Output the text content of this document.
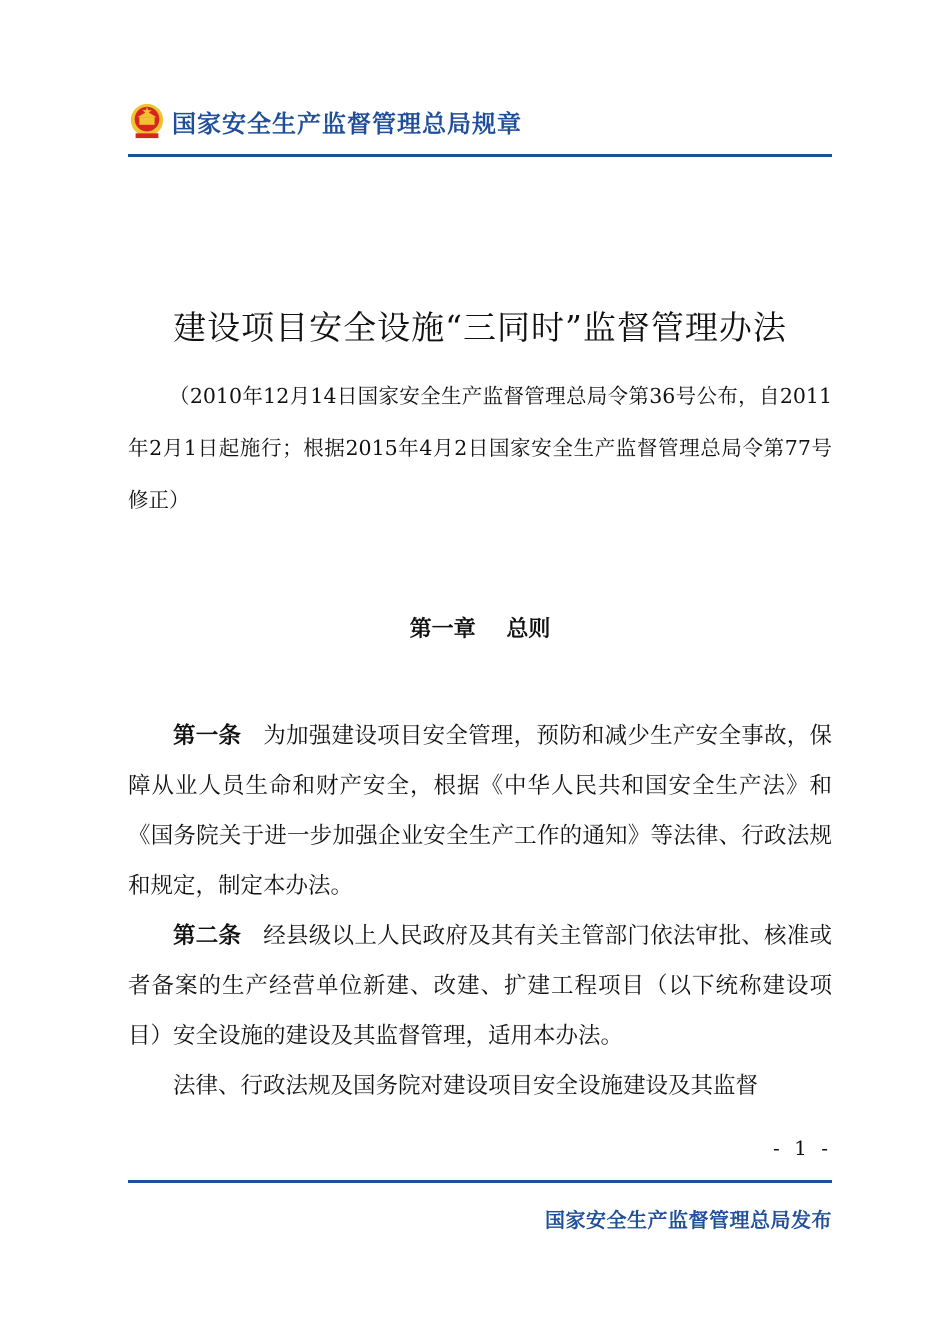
国家安全生产监督管理总局规章
建设项目安全设施“三同时”监督管理办法

（2010年12月14日国家安全生产监督管理总局令第36号公布，自2011年2月1日起施行；根据2015年4月2日国家安全生产监督管理总局令第77号修正）

第一章 总则

第一条 为加强建设项目安全管理，预防和减少生产安全事故，保障从业人员生命和财产安全，根据《中华人民共和国安全生产法》和《国务院关于进一步加强企业安全生产工作的通知》等法律、行政法规和规定，制定本办法。

第二条 经县级以上人民政府及其有关主管部门依法审批、核准或者备案的生产经营单位新建、改建、扩建工程项目（以下统称建设项目）安全设施的建设及其监督管理，适用本办法。

法律、行政法规及国务院对建设项目安全设施建设及其监督

- 1 -
国家安全生产监督管理总局发布
